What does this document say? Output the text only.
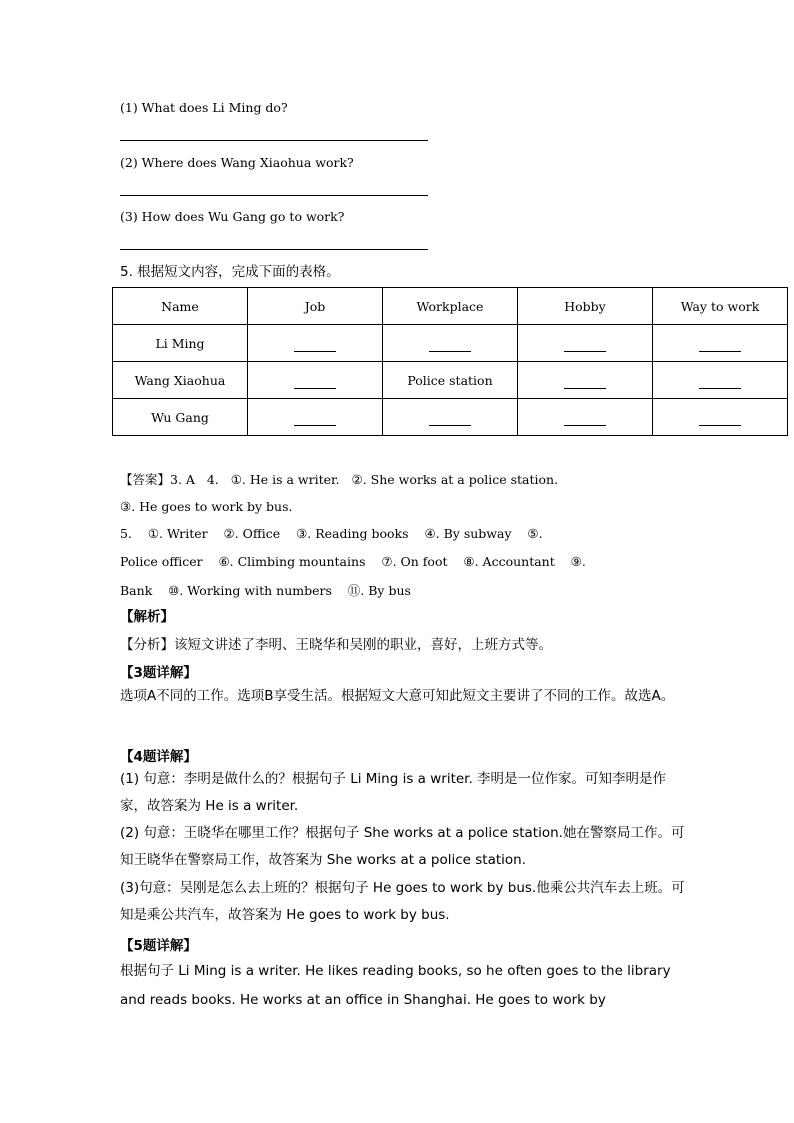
(1) What does Li Ming do?
(2) Where does Wang Xiaohua work?
(3) How does Wu Gang go to work?
5. 根据短文内容，完成下面的表格。
Name	Job	Workplace	Hobby	Way to work
Li Ming				
Wang Xiaohua		Police station		
Wu Gang				
【答案】3. A   4.   ①. He is a writer.   ②. She works at a police station.
③. He goes to work by bus.
5.    ①. Writer    ②. Office    ③. Reading books    ④. By subway    ⑤.
Police officer    ⑥. Climbing mountains    ⑦. On foot    ⑧. Accountant    ⑨.
Bank    ⑩. Working with numbers    ⑪. By bus
【解析】
【分析】该短文讲述了李明、王晓华和吴刚的职业，喜好，上班方式等。
【3题详解】
选项A不同的工作。选项B享受生活。根据短文大意可知此短文主要讲了不同的工作。故选A。
【4题详解】
(1) 句意：李明是做什么的？根据句子 Li Ming is a writer. 李明是一位作家。可知李明是作家，故答案为 He is a writer.
(2) 句意：王晓华在哪里工作？根据句子 She works at a police station.她在警察局工作。可知王晓华在警察局工作，故答案为 She works at a police station.
(3)句意：吴刚是怎么去上班的？根据句子 He goes to work by bus.他乘公共汽车去上班。可知是乘公共汽车，故答案为 He goes to work by bus.
【5题详解】
根据句子 Li Ming is a writer. He likes reading books, so he often goes to the library and reads books. He works at an office in Shanghai. He goes to work by
